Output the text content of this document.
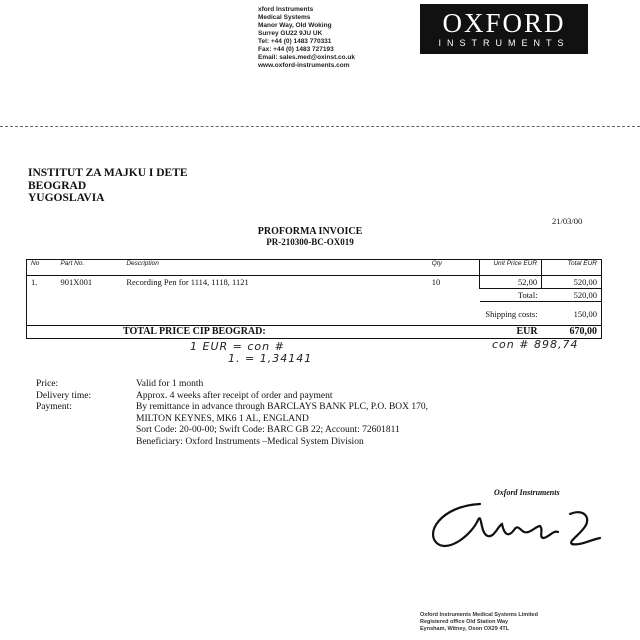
xford Instruments
Medical Systems
Manor Way, Old Woking
Surrey GU22 9JU UK
Tel: +44 (0) 1483 770331
Fax: +44 (0) 1483 727193
Email: sales.med@oxinst.co.uk
www.oxford-instruments.com
OXFORD
INSTRUMENTS
INSTITUT ZA MAJKU I DETE
BEOGRAD
YUGOSLAVIA
21/03/00
PROFORMA INVOICE
PR-210300-BC-OX019
No	Part No.	Description	Qty	Unit Price EUR	Total EUR
1.	901X001	Recording Pen for 1114, 1118, 1121	10	52,00	520,00
				Total:	520,00
			Shipping costs:		150,00
TOTAL PRICE CIP BEOGRAD:				EUR	670,00
1 EUR = con #
1. = 1,34141
con # 898,74
Price:	Valid for 1 month
Delivery time:	Approx. 4 weeks after receipt of order and payment
Payment:	By remittance in advance through BARCLAYS BANK PLC, P.O. BOX 170,
MILTON KEYNES, MK6 1 AL, ENGLAND
Sort Code: 20-00-00; Swift Code: BARC GB 22; Account: 72601811
Beneficiary: Oxford Instruments –Medical System Division
Oxford Instruments
Oxford Instruments Medical Systems Limited
Registered office Old Station Way
Eynsham, Witney, Oxon OX29 4TL
